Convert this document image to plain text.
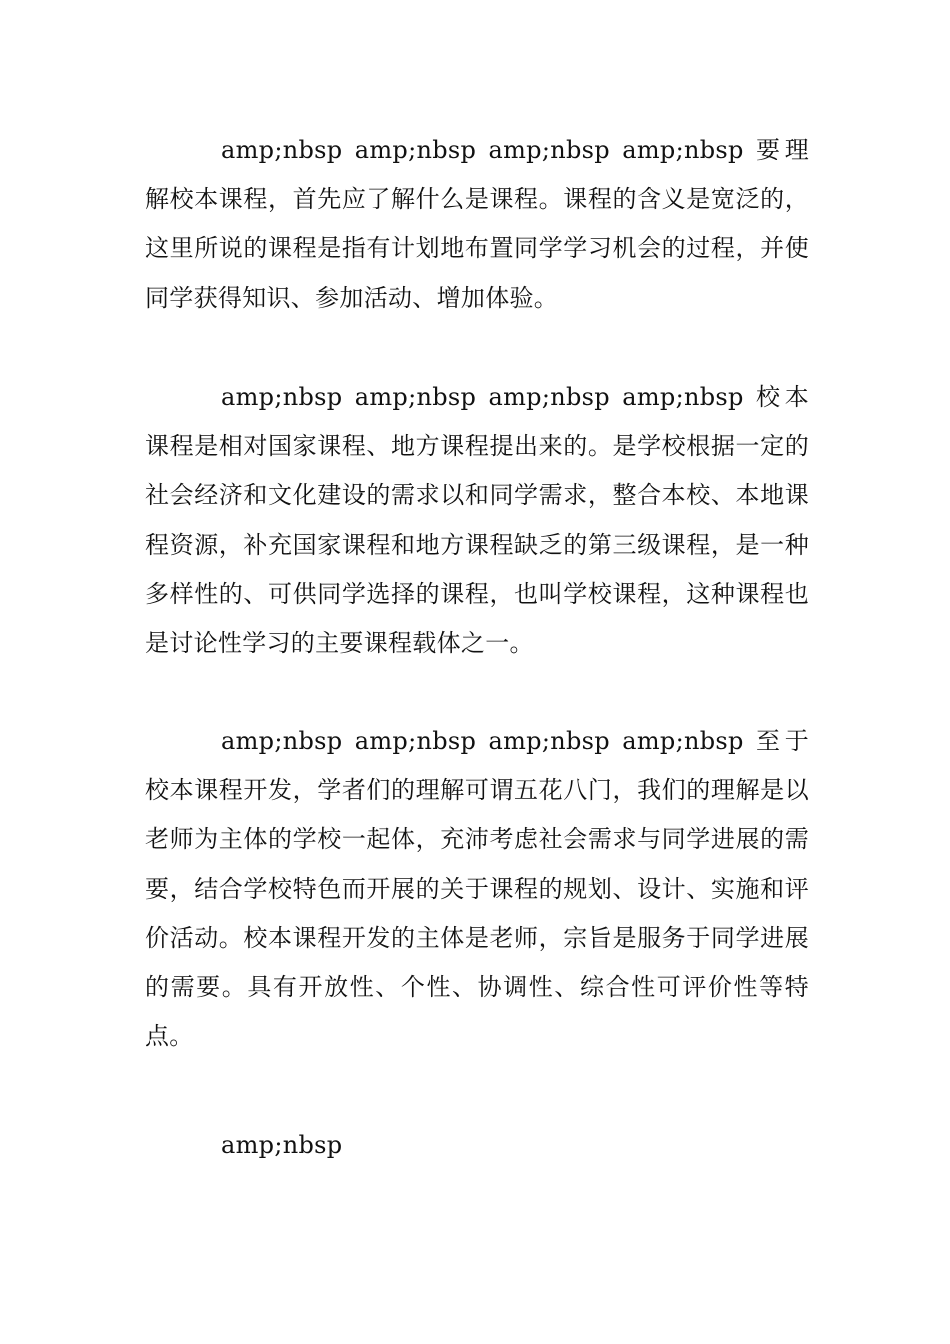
amp;nbsp amp;nbsp amp;nbsp amp;nbsp 要理解校本课程，首先应了解什么是课程。课程的含义是宽泛的，这里所说的课程是指有计划地布置同学学习机会的过程，并使同学获得知识、参加活动、增加体验。

amp;nbsp amp;nbsp amp;nbsp amp;nbsp 校本课程是相对国家课程、地方课程提出来的。是学校根据一定的社会经济和文化建设的需求以和同学需求，整合本校、本地课程资源，补充国家课程和地方课程缺乏的第三级课程，是一种多样性的、可供同学选择的课程，也叫学校课程，这种课程也是讨论性学习的主要课程载体之一。

amp;nbsp amp;nbsp amp;nbsp amp;nbsp 至于校本课程开发，学者们的理解可谓五花八门，我们的理解是以老师为主体的学校一起体，充沛考虑社会需求与同学进展的需要，结合学校特色而开展的关于课程的规划、设计、实施和评价活动。校本课程开发的主体是老师，宗旨是服务于同学进展的需要。具有开放性、个性、协调性、综合性可评价性等特点。

amp;nbsp
